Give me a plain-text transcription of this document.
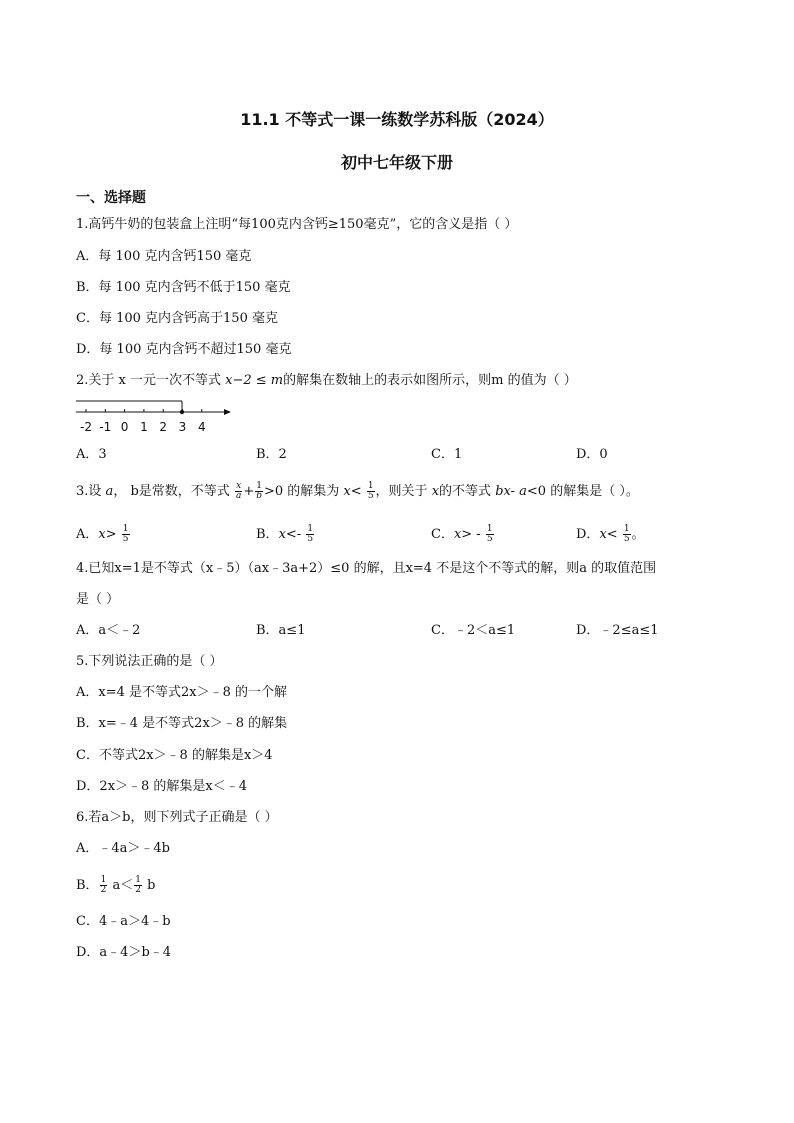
11.1 不等式一课一练数学苏科版（2024）
初中七年级下册
一、选择题
1.高钙牛奶的包装盒上注明“每100克内含钙≥150毫克”，它的含义是指（ ）
A．每 100 克内含钙150 毫克
B．每 100 克内含钙不低于150 毫克
C．每 100 克内含钙高于150 毫克
D．每 100 克内含钙不超过150 毫克
2.关于 x 一元一次不等式 x−2 ≤ m的解集在数轴上的表示如图所示，则m 的值为（ ）
-2 -1 0 1 2 3 4
A．3	B．2	C．1	D．0
3.设 a， b是常数，不等式 $\frac{x}{a} + \frac{1}{b} >0$ 的解集为 $x< \frac{1}{5}$ ，则关于 x的不等式 bx- a<0 的解集是（ ）。
A．$x> \frac{1}{5}$	B．$x<- \frac{1}{5}$	C．$x> - \frac{1}{5}$	D．$x< \frac{1}{5}$ 。
4.已知x=1是不等式（x﹣5）（ax﹣3a+2）≤0 的解，且x=4 不是这个不等式的解，则a 的取值范围
是（ ）
A．a＜﹣2	B．a≤1	C．﹣2＜a≤1	D．﹣2≤a≤1
5.下列说法正确的是（ ）
A．x=4 是不等式2x＞﹣8 的一个解
B．x=﹣4 是不等式2x＞﹣8 的解集
C．不等式2x＞﹣8 的解集是x＞4
D．2x＞﹣8 的解集是x＜﹣4
6.若a＞b，则下列式子正确是（ ）
A．﹣4a＞﹣4b
B． $\frac{1}{2} a< \frac{1}{2}$ b
C．4﹣a＞4﹣b
D．a﹣4＞b﹣4
